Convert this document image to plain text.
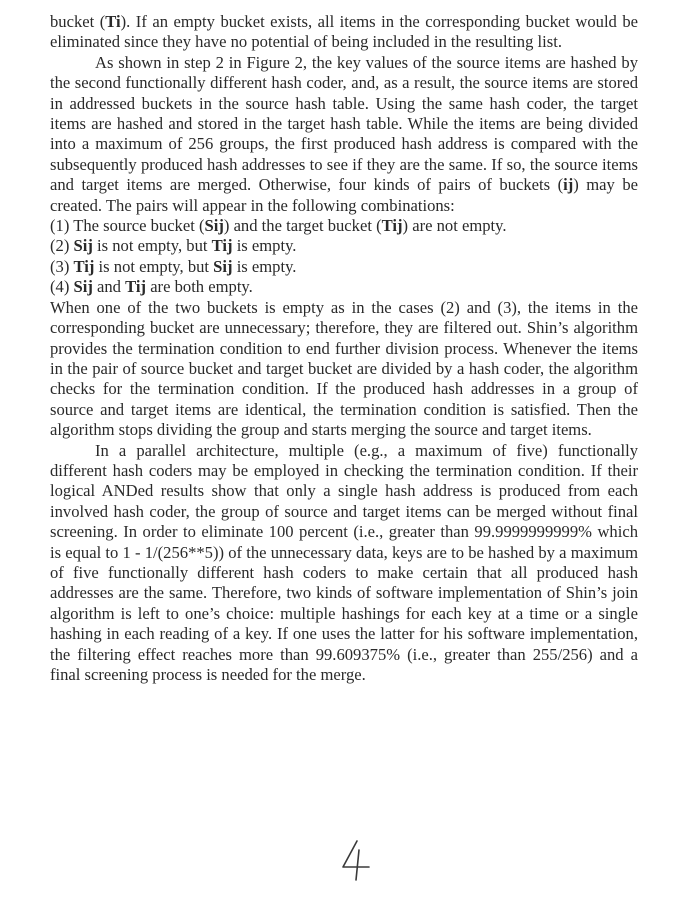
bucket (Ti). If an empty bucket exists, all items in the corresponding bucket would be eliminated since they have no potential of being included in the resulting list.

As shown in step 2 in Figure 2, the key values of the source items are hashed by the second functionally different hash coder, and, as a result, the source items are stored in addressed buckets in the source hash table. Using the same hash coder, the target items are hashed and stored in the target hash table. While the items are being divided into a maximum of 256 groups, the first produced hash address is compared with the subsequently produced hash addresses to see if they are the same. If so, the source items and target items are merged. Otherwise, four kinds of pairs of buckets (ij) may be created. The pairs will appear in the following combinations:

(1) The source bucket (Sij) and the target bucket (Tij) are not empty.

(2) Sij is not empty, but Tij is empty.

(3) Tij is not empty, but Sij is empty.

(4) Sij and Tij are both empty.

When one of the two buckets is empty as in the cases (2) and (3), the items in the corresponding bucket are unnecessary; therefore, they are filtered out. Shin’s algorithm provides the termination condition to end further division process. Whenever the items in the pair of source bucket and target bucket are divided by a hash coder, the algorithm checks for the termination condition. If the produced hash addresses in a group of source and target items are identical, the termination condition is satisfied. Then the algorithm stops dividing the group and starts merging the source and target items.

In a parallel architecture, multiple (e.g., a maximum of five) functionally different hash coders may be employed in checking the termination condition. If their logical ANDed results show that only a single hash address is produced from each involved hash coder, the group of source and target items can be merged without final screening. In order to eliminate 100 percent (i.e., greater than 99.9999999999% which is equal to 1 - 1/(256**5)) of the unnecessary data, keys are to be hashed by a maximum of five functionally different hash coders to make certain that all produced hash addresses are the same. Therefore, two kinds of software implementation of Shin’s join algorithm is left to one’s choice: multiple hashings for each key at a time or a single hashing in each reading of a key. If one uses the latter for his software implementation, the filtering effect reaches more than 99.609375% (i.e., greater than 255/256) and a final screening process is needed for the merge.
